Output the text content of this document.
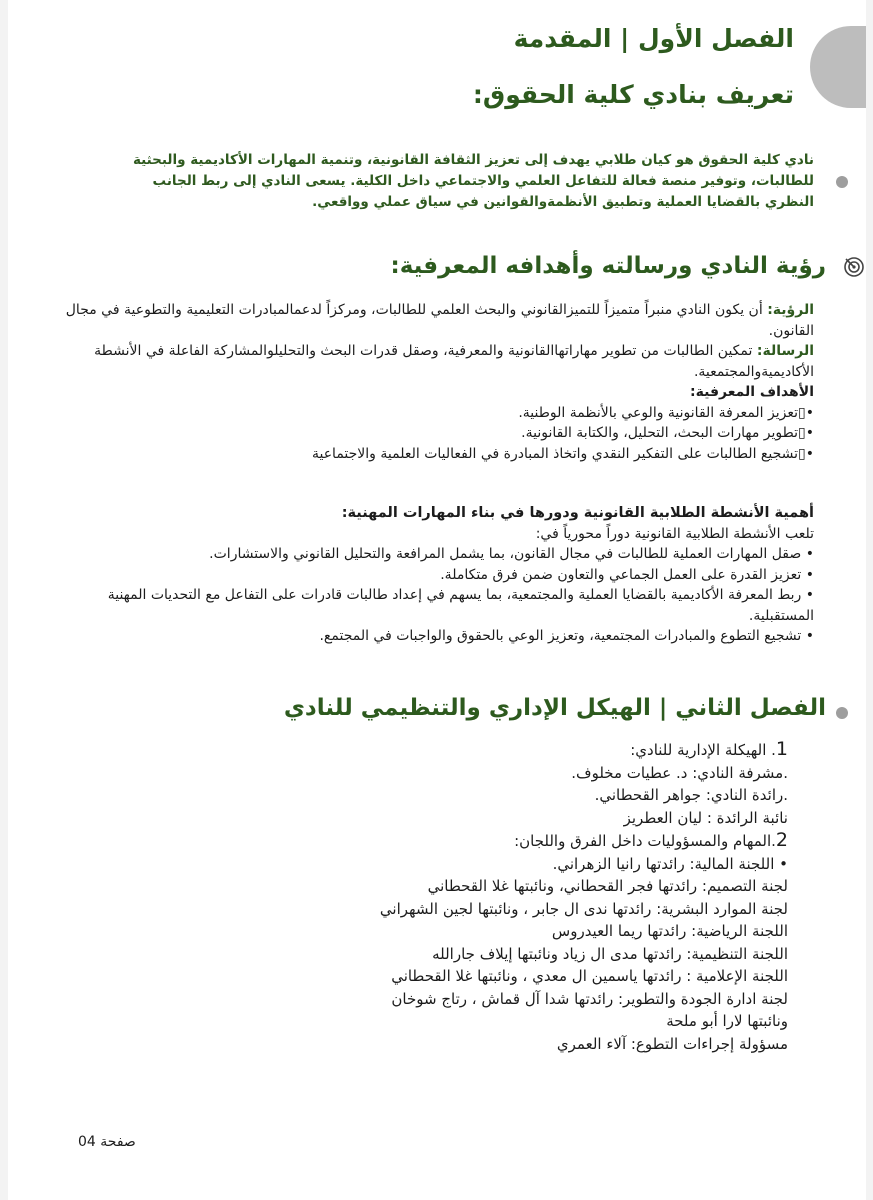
الفصل الأول | المقدمة
تعريف بنادي كلية الحقوق:
نادي كلية الحقوق هو كيان طلابي يهدف إلى تعزيز الثقافة القانونية، وتنمية المهارات الأكاديمية والبحثية للطالبات، وتوفير منصة فعالة للتفاعل العلمي والاجتماعي داخل الكلية. يسعى النادي إلى ربط الجانب النظري بالقضايا العملية وتطبيق الأنظمةوالقوانين في سياق عملي وواقعي.
رؤية النادي ورسالته وأهدافه المعرفية:
الرؤية: أن يكون النادي منبراً متميزاً للتميزالقانوني والبحث العلمي للطالبات، ومركزاً لدعمالمبادرات التعليمية والتطوعية في مجال القانون.
الرسالة: تمكين الطالبات من تطوير مهاراتهاالقانونية والمعرفية، وصقل قدرات البحث والتحليلوالمشاركة الفاعلة في الأنشطة الأكاديميةوالمجتمعية.
الأهداف المعرفية:
•▯تعزيز المعرفة القانونية والوعي بالأنظمة الوطنية.
•▯تطوير مهارات البحث، التحليل، والكتابة القانونية.
•▯تشجيع الطالبات على التفكير النقدي واتخاذ المبادرة في الفعاليات العلمية والاجتماعية
أهمية الأنشطة الطلابية القانونية ودورها في بناء المهارات المهنية:
تلعب الأنشطة الطلابية القانونية دوراً محورياً في:
• صقل المهارات العملية للطالبات في مجال القانون، بما يشمل المرافعة والتحليل القانوني والاستشارات.
• تعزيز القدرة على العمل الجماعي والتعاون ضمن فرق متكاملة.
• ربط المعرفة الأكاديمية بالقضايا العملية والمجتمعية، بما يسهم في إعداد طالبات قادرات على التفاعل مع التحديات المهنية المستقبلية.
• تشجيع التطوع والمبادرات المجتمعية، وتعزيز الوعي بالحقوق والواجبات في المجتمع.
الفصل الثاني | الهيكل الإداري والتنظيمي للنادي
1. الهيكلة الإدارية للنادي:
.مشرفة النادي: د. عطيات مخلوف.
.رائدة النادي: جواهر القحطاني.
نائبة الرائدة : ليان العطريز
2.المهام والمسؤوليات داخل الفرق واللجان:
• اللجنة المالية: رائدتها رانيا الزهراني.
لجنة التصميم: رائدتها فجر القحطاني، ونائبتها غلا القحطاني
لجنة الموارد البشرية: رائدتها ندى ال جابر ، ونائبتها لجين الشهراني
اللجنة الرياضية: رائدتها ريما العيدروس
اللجنة التنظيمية: رائدتها مدى ال زياد ونائبتها إيلاف جارالله
اللجنة الإعلامية : رائدتها ياسمين ال معدي ، ونائبتها غلا القحطاني
لجنة ادارة الجودة والتطوير: رائدتها شدا آل قماش ، رتاج شوخان
ونائبتها لارا أبو ملحة
مسؤولة إجراءات التطوع: آلاء العمري
صفحة 04
